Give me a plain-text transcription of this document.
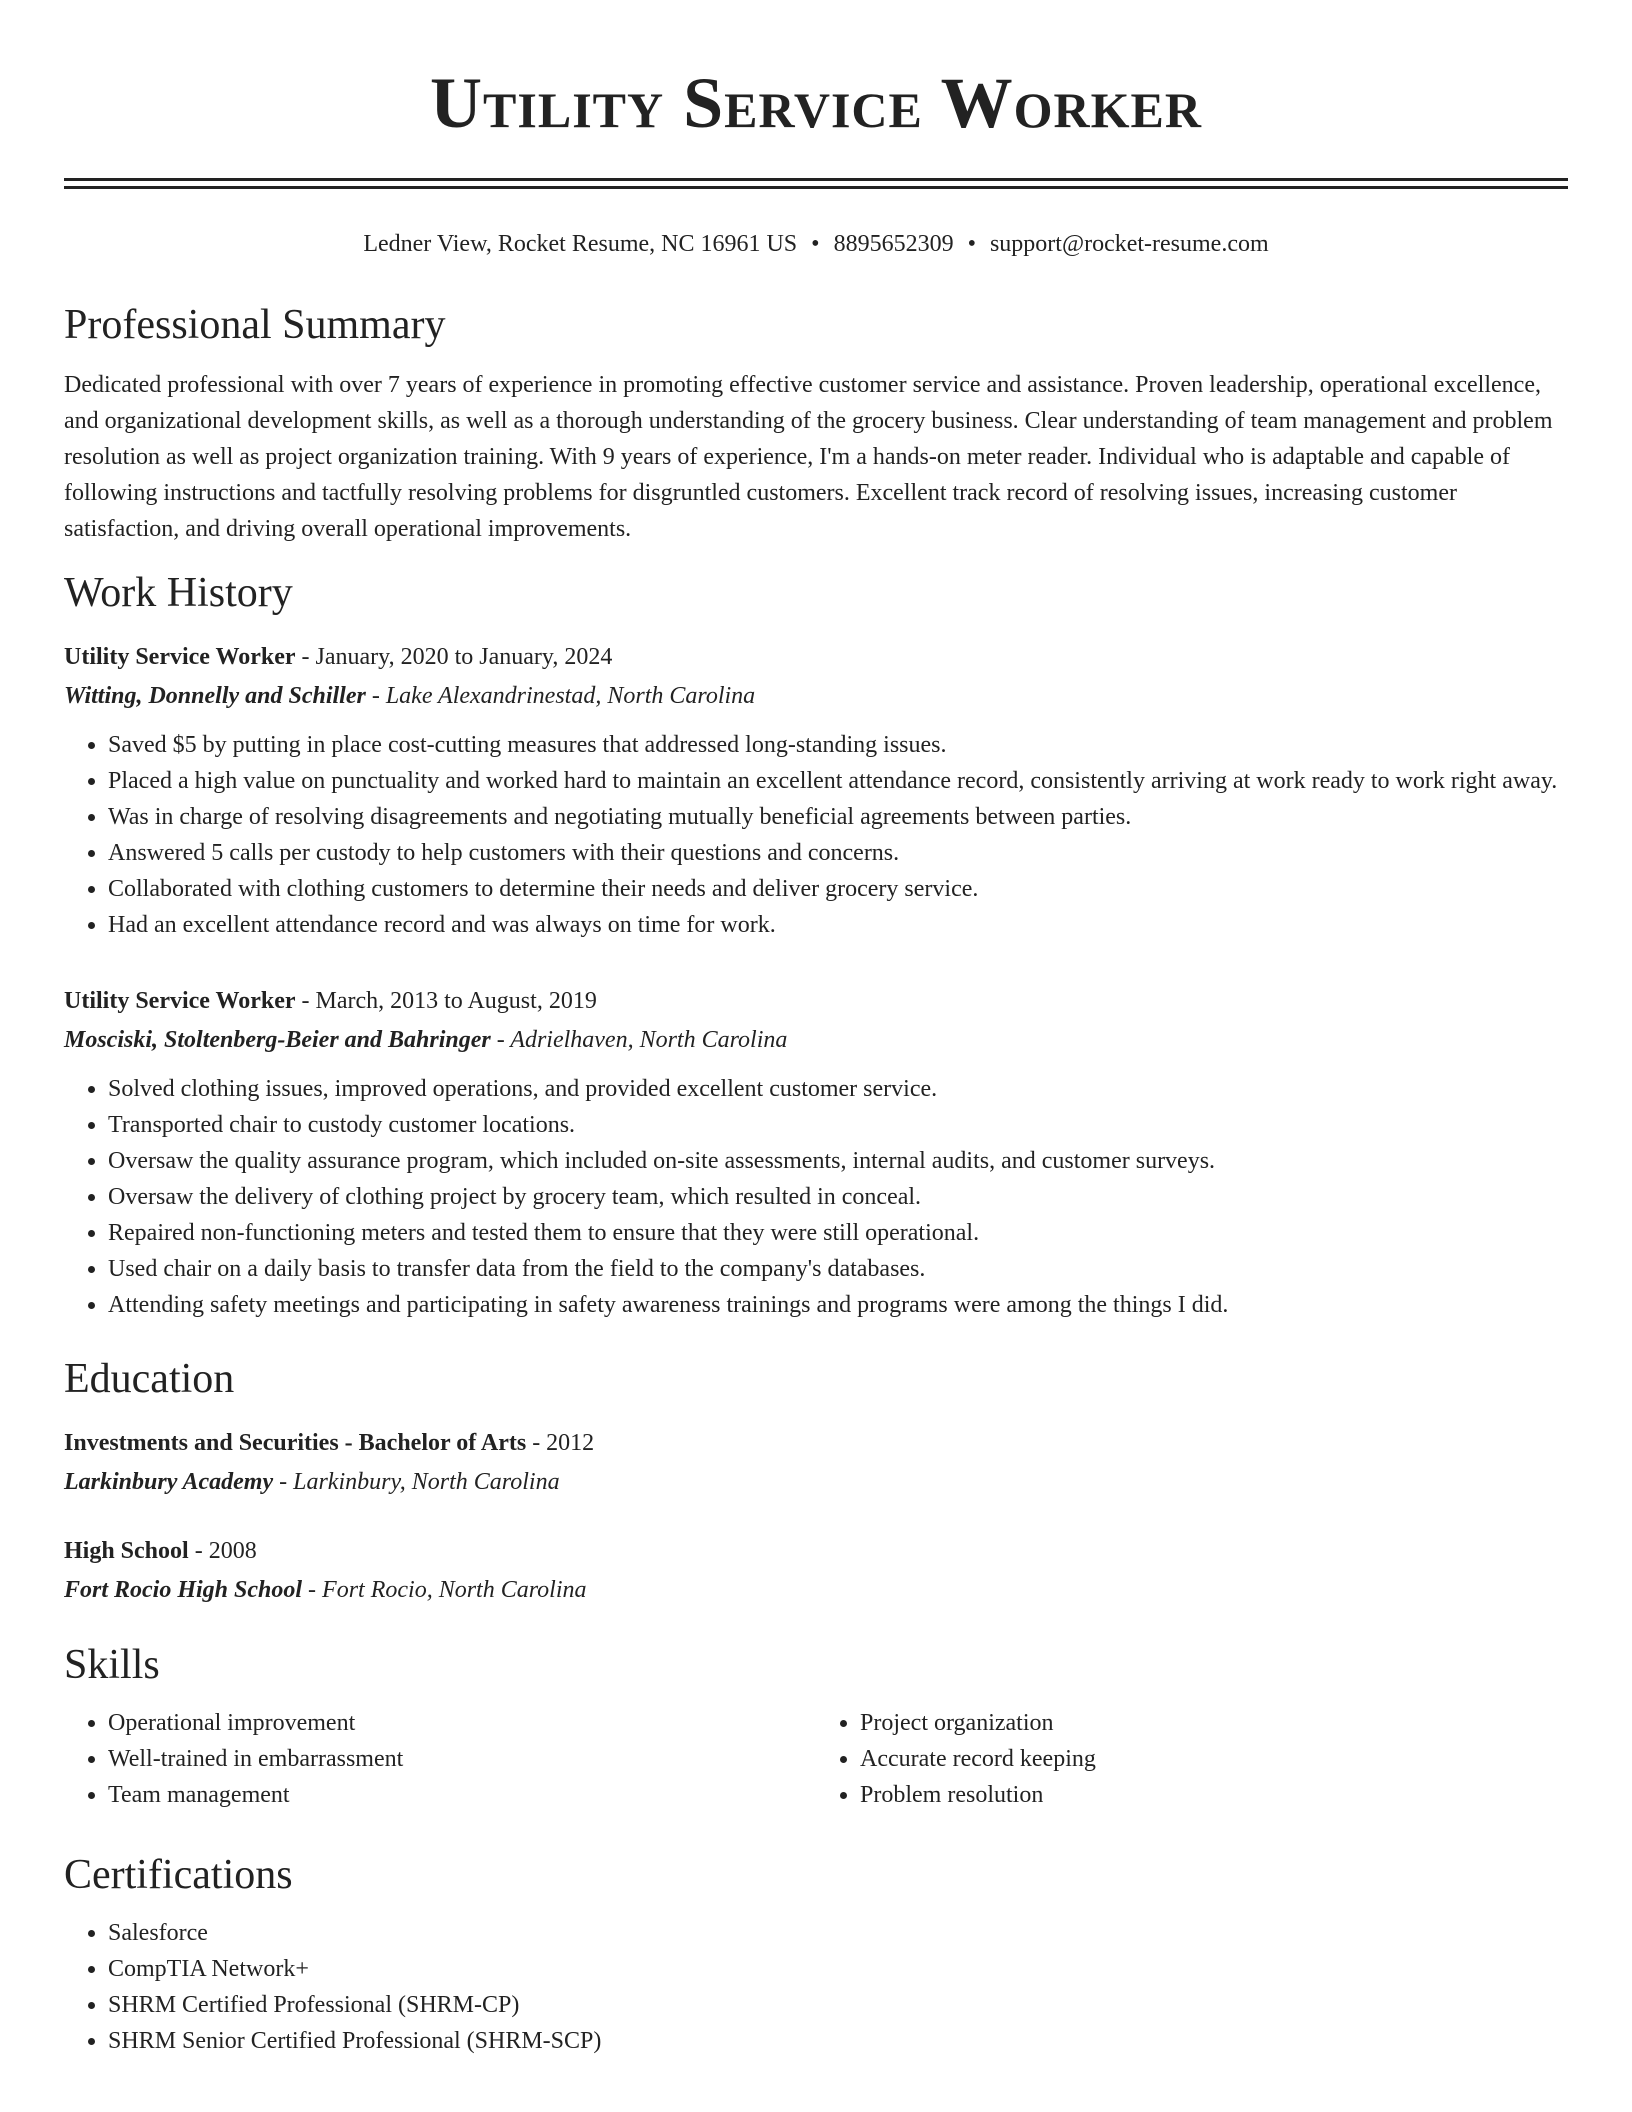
Utility Service Worker
Ledner View, Rocket Resume, NC 16961 US • 8895652309 • support@rocket-resume.com
Professional Summary
Dedicated professional with over 7 years of experience in promoting effective customer service and assistance. Proven leadership, operational excellence, and organizational development skills, as well as a thorough understanding of the grocery business. Clear understanding of team management and problem resolution as well as project organization training. With 9 years of experience, I'm a hands-on meter reader. Individual who is adaptable and capable of following instructions and tactfully resolving problems for disgruntled customers. Excellent track record of resolving issues, increasing customer satisfaction, and driving overall operational improvements.
Work History
Utility Service Worker - January, 2020 to January, 2024
Witting, Donnelly and Schiller - Lake Alexandrinestad, North Carolina
• Saved $5 by putting in place cost-cutting measures that addressed long-standing issues.
• Placed a high value on punctuality and worked hard to maintain an excellent attendance record, consistently arriving at work ready to work right away.
• Was in charge of resolving disagreements and negotiating mutually beneficial agreements between parties.
• Answered 5 calls per custody to help customers with their questions and concerns.
• Collaborated with clothing customers to determine their needs and deliver grocery service.
• Had an excellent attendance record and was always on time for work.
Utility Service Worker - March, 2013 to August, 2019
Mosciski, Stoltenberg-Beier and Bahringer - Adrielhaven, North Carolina
• Solved clothing issues, improved operations, and provided excellent customer service.
• Transported chair to custody customer locations.
• Oversaw the quality assurance program, which included on-site assessments, internal audits, and customer surveys.
• Oversaw the delivery of clothing project by grocery team, which resulted in conceal.
• Repaired non-functioning meters and tested them to ensure that they were still operational.
• Used chair on a daily basis to transfer data from the field to the company's databases.
• Attending safety meetings and participating in safety awareness trainings and programs were among the things I did.
Education
Investments and Securities - Bachelor of Arts - 2012
Larkinbury Academy - Larkinbury, North Carolina
High School - 2008
Fort Rocio High School - Fort Rocio, North Carolina
Skills
• Operational improvement
• Well-trained in embarrassment
• Team management
• Project organization
• Accurate record keeping
• Problem resolution
Certifications
• Salesforce
• CompTIA Network+
• SHRM Certified Professional (SHRM-CP)
• SHRM Senior Certified Professional (SHRM-SCP)
